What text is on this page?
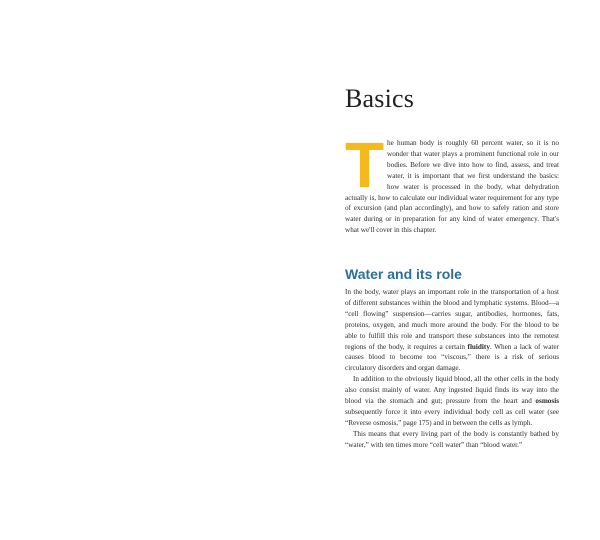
Basics

The human body is roughly 60 percent water, so it is no wonder that water plays a prominent functional role in our bodies. Before we dive into how to find, assess, and treat water, it is important that we first understand the basics: how water is processed in the body, what dehydration actually is, how to calculate our individual water requirement for any type of excursion (and plan accordingly), and how to safely ration and store water during or in preparation for any kind of water emergency. That's what we'll cover in this chapter.

Water and its role

In the body, water plays an important role in the transportation of a host of different substances within the blood and lymphatic systems. Blood—a “cell flowing” suspension—carries sugar, antibodies, hormones, fats, proteins, oxygen, and much more around the body. For the blood to be able to fulfill this role and transport these substances into the remotest regions of the body, it requires a certain fluidity. When a lack of water causes blood to become too “viscous,” there is a risk of serious circulatory disorders and organ damage.

In addition to the obviously liquid blood, all the other cells in the body also consist mainly of water. Any ingested liquid finds its way into the blood via the stomach and gut; pressure from the heart and osmosis subsequently force it into every individual body cell as cell water (see “Reverse osmosis,” page 175) and in between the cells as lymph.

This means that every living part of the body is constantly bathed by “water,” with ten times more “cell water” than “blood water.”
